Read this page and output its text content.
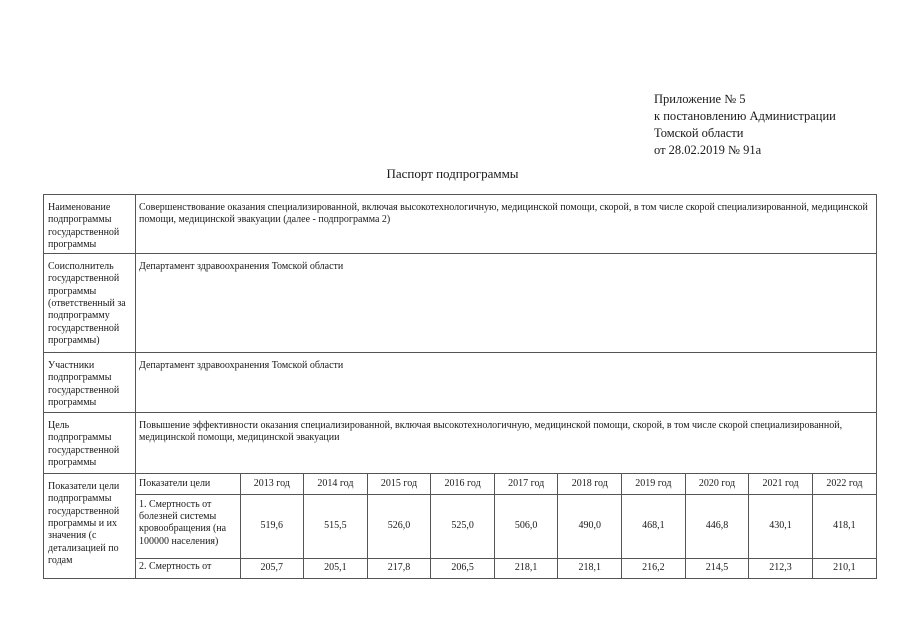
Приложение № 5
к постановлению Администрации
Томской области
от 28.02.2019 № 91а
Паспорт подпрограммы
Наименование подпрограммы государственной программы	Совершенствование оказания специализированной, включая высокотехнологичную, медицинской помощи, скорой, в том числе скорой специализированной, медицинской помощи, медицинской эвакуации (далее - подпрограмма 2)
Соисполнитель государственной программы (ответственный за подпрограмму государственной программы)	Департамент здравоохранения Томской области
Участники подпрограммы государственной программы	Департамент здравоохранения Томской области
Цель подпрограммы государственной программы	Повышение эффективности оказания специализированной, включая высокотехнологичную, медицинской помощи, скорой, в том числе скорой специализированной, медицинской помощи, медицинской эвакуации
Показатели цели подпрограммы государственной программы и их значения (с детализацией по годам	
Показатели цели	2013 год	2014 год	2015 год	2016 год	2017 год	2018 год	2019 год	2020 год	2021 год	2022 год
1. Смертность от болезней системы кровообращения (на 100000 населения)	519,6	515,5	526,0	525,0	506,0	490,0	468,1	446,8	430,1	418,1
2. Смертность от	205,7	205,1	217,8	206,5	218,1	218,1	216,2	214,5	212,3	210,1
